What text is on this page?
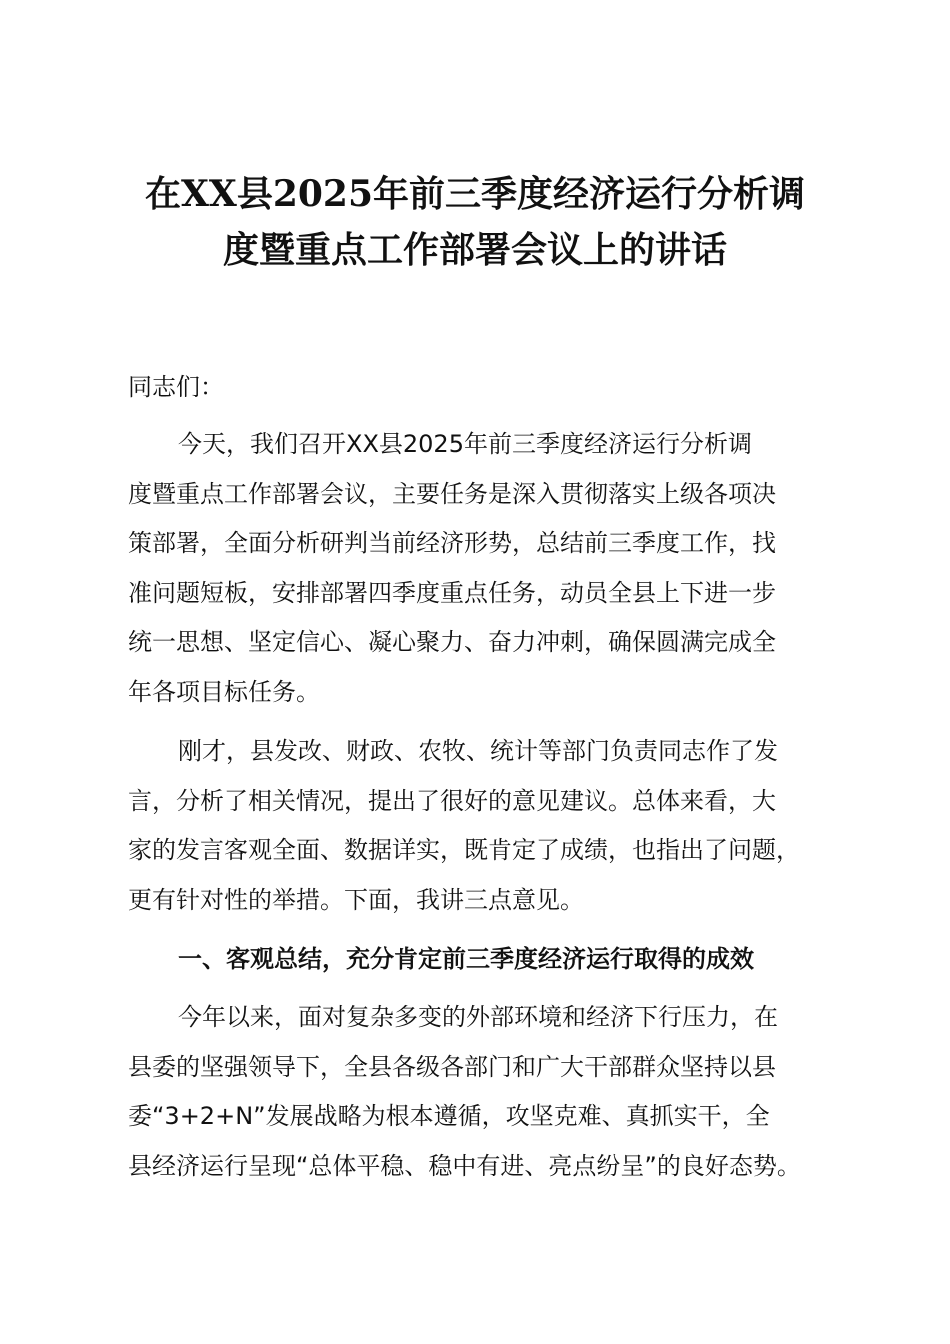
在XX县2025年前三季度经济运行分析调
度暨重点工作部署会议上的讲话
同志们：
今天，我们召开XX县2025年前三季度经济运行分析调
度暨重点工作部署会议，主要任务是深入贯彻落实上级各项决
策部署，全面分析研判当前经济形势，总结前三季度工作，找
准问题短板，安排部署四季度重点任务，动员全县上下进一步
统一思想、坚定信心、凝心聚力、奋力冲刺，确保圆满完成全
年各项目标任务。
刚才，县发改、财政、农牧、统计等部门负责同志作了发
言，分析了相关情况，提出了很好的意见建议。总体来看，大
家的发言客观全面、数据详实，既肯定了成绩，也指出了问题，
更有针对性的举措。下面，我讲三点意见。
一、客观总结，充分肯定前三季度经济运行取得的成效
今年以来，面对复杂多变的外部环境和经济下行压力，在
县委的坚强领导下，全县各级各部门和广大干部群众坚持以县
委“3+2+N”发展战略为根本遵循，攻坚克难、真抓实干，全
县经济运行呈现“总体平稳、稳中有进、亮点纷呈”的良好态势。
